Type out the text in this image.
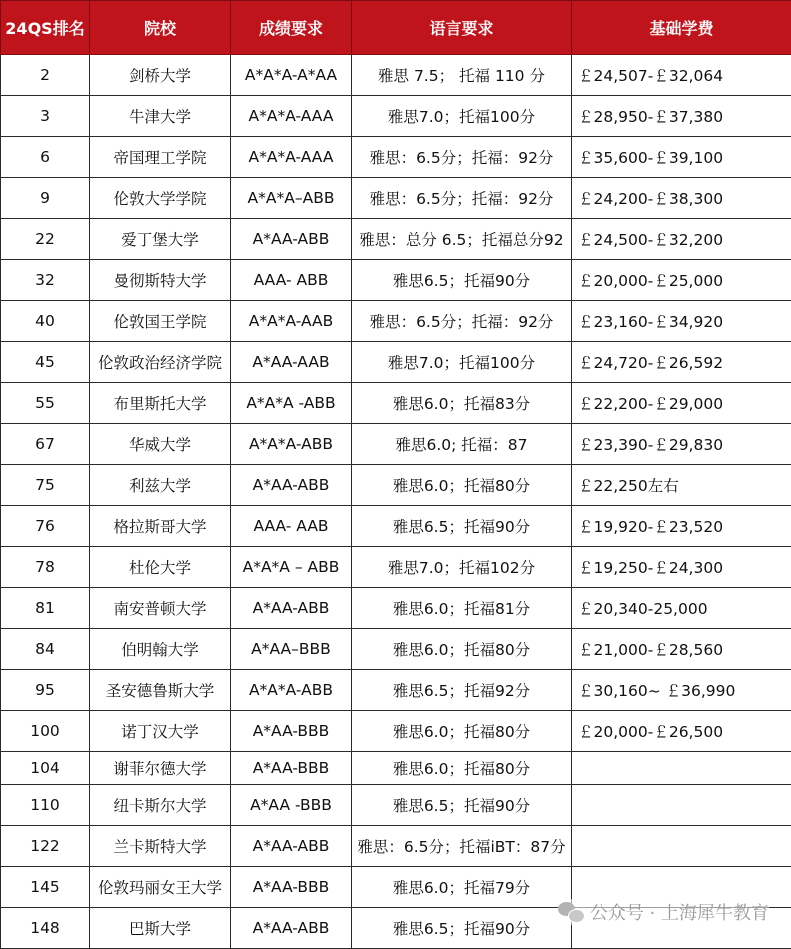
24QS排名	院校	成绩要求	语言要求	基础学费
2	剑桥大学	A*A*A-A*AA	雅思 7.5； 托福 110 分	￡24,507-￡32,064
3	牛津大学	A*A*A-AAA	雅思7.0；托福100分	￡28,950-￡37,380
6	帝国理工学院	A*A*A-AAA	雅思：6.5分；托福：92分	￡35,600-￡39,100
9	伦敦大学学院	A*A*A–ABB	雅思：6.5分；托福：92分	￡24,200-￡38,300
22	爱丁堡大学	A*AA-ABB	雅思：总分 6.5；托福总分92	￡24,500-￡32,200
32	曼彻斯特大学	AAA- ABB	雅思6.5；托福90分	￡20,000-￡25,000
40	伦敦国王学院	A*A*A-AAB	雅思：6.5分；托福：92分	￡23,160-￡34,920
45	伦敦政治经济学院	A*AA-AAB	雅思7.0；托福100分	￡24,720-￡26,592
55	布里斯托大学	A*A*A -ABB	雅思6.0；托福83分	￡22,200-￡29,000
67	华威大学	A*A*A-ABB	雅思6.0; 托福：87	￡23,390-￡29,830
75	利兹大学	A*AA-ABB	雅思6.0；托福80分	￡22,250左右
76	格拉斯哥大学	AAA- AAB	雅思6.5；托福90分	￡19,920-￡23,520
78	杜伦大学	A*A*A – ABB	雅思7.0；托福102分	￡19,250-￡24,300
81	南安普顿大学	A*AA-ABB	雅思6.0；托福81分	￡20,340-25,000
84	伯明翰大学	A*AA–BBB	雅思6.0；托福80分	￡21,000-￡28,560
95	圣安德鲁斯大学	A*A*A-ABB	雅思6.5；托福92分	￡30,160~ ￡36,990
100	诺丁汉大学	A*AA-BBB	雅思6.0；托福80分	￡20,000-￡26,500
104	谢菲尔德大学	A*AA-BBB	雅思6.0；托福80分	
110	纽卡斯尔大学	A*AA -BBB	雅思6.5；托福90分	
122	兰卡斯特大学	A*AA-ABB	雅思：6.5分；托福iBT：87分	
145	伦敦玛丽女王大学	A*AA-BBB	雅思6.0；托福79分	
148	巴斯大学	A*AA-ABB	雅思6.5；托福90分	
公众号 · 上海犀牛教育
